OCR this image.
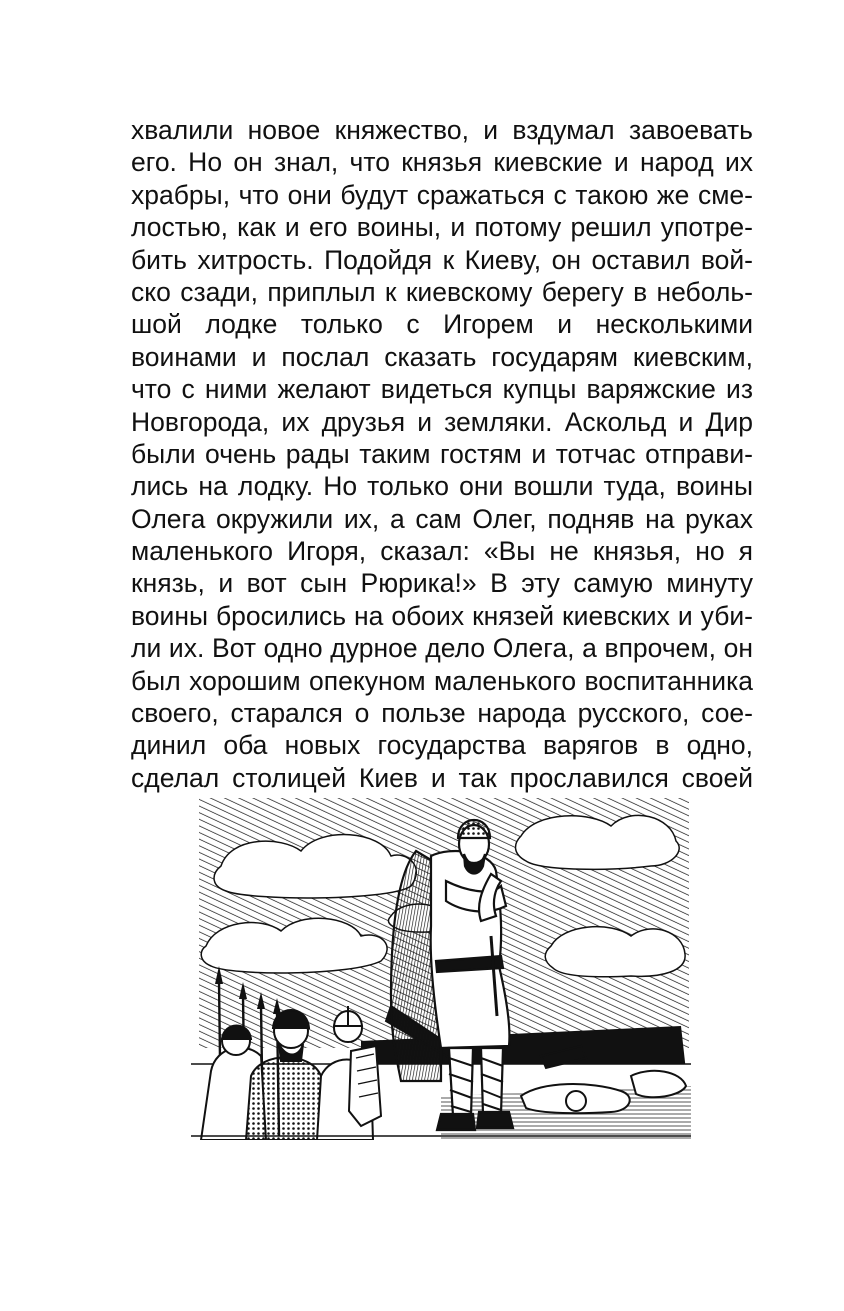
хвалили новое княжество, и вздумал завоевать
его. Но он знал, что князья киевские и народ их
храбры, что они будут сражаться с такою же сме-
лостью, как и его воины, и потому решил употре-
бить хитрость. Подойдя к Киеву, он оставил вой-
ско сзади, приплыл к киевскому берегу в неболь-
шой лодке только с Игорем и несколькими
воинами и послал сказать государям киевским,
что с ними желают видеться купцы варяжские из
Новгорода, их друзья и земляки. Аскольд и Дир
были очень рады таким гостям и тотчас отправи-
лись на лодку. Но только они вошли туда, воины
Олега окружили их, а сам Олег, подняв на руках
маленького Игоря, сказал: «Вы не князья, но я
князь, и вот сын Рюрика!» В эту самую минуту
воины бросились на обоих князей киевских и уби-
ли их. Вот одно дурное дело Олега, а впрочем, он
был хорошим опекуном маленького воспитанника
своего, старался о пользе народа русского, сое-
динил оба новых государства варягов в одно,
сделал столицей Киев и так прославился своей
